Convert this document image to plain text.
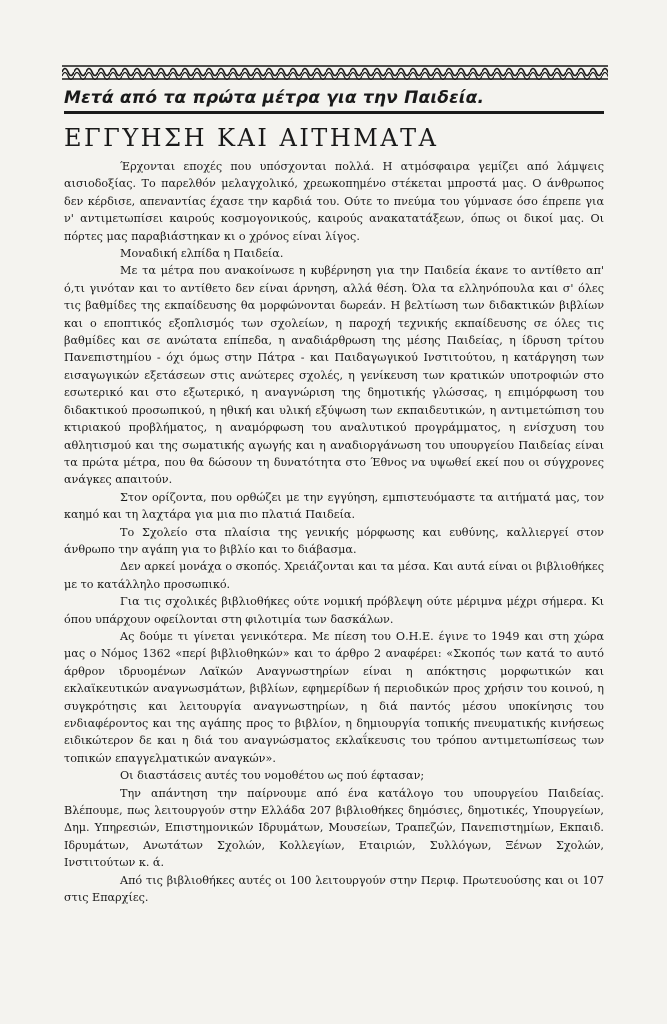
Μετά από τα πρώτα μέτρα για την Παιδεία.
ΕΓΓΥΗΣΗ ΚΑΙ ΑΙΤΗΜΑΤΑ

Έρχονται εποχές που υπόσχονται πολλά. Η ατμόσφαιρα γεμίζει από λάμψεις αισιοδοξίας. Το παρελθόν μελαγχολικό, χρεωκοπημένο στέκεται μπροστά μας. Ο άνθρωπος δεν κέρδισε, απεναντίας έχασε την καρδιά του. Ούτε το πνεύμα του γύμνασε όσο έπρεπε για ν' αντιμετωπίσει καιρούς κοσμογονικούς, καιρούς ανακατατάξεων, όπως οι δικοί μας. Οι πόρτες μας παραβιάστηκαν κι ο χρόνος είναι λίγος.

Μοναδική ελπίδα η Παιδεία.

Με τα μέτρα που ανακοίνωσε η κυβέρνηση για την Παιδεία έκανε το αντίθετο απ' ό,τι γινόταν και το αντίθετο δεν είναι άρνηση, αλλά θέση. Όλα τα ελληνόπουλα και σ' όλες τις βαθμίδες της εκπαίδευσης θα μορφώνονται δωρεάν. Η βελτίωση των διδακτικών βιβλίων και ο εποπτικός εξοπλισμός των σχολείων, η παροχή τεχνικής εκπαίδευσης σε όλες τις βαθμίδες και σε ανώτατα επίπεδα, η αναδιάρθρωση της μέσης Παιδείας, η ίδρυση τρίτου Πανεπιστημίου - όχι όμως στην Πάτρα - και Παιδαγωγικού Ινστιτούτου, η κατάργηση των εισαγωγικών εξετάσεων στις ανώτερες σχολές, η γενίκευση των κρατικών υποτροφιών στο εσωτερικό και στο εξωτερικό, η αναγνώριση της δημοτικής γλώσσας, η επιμόρφωση του διδακτικού προσωπικού, η ηθική και υλική εξύψωση των εκπαιδευτικών, η αντιμετώπιση του κτιριακού προβλήματος, η αναμόρφωση του αναλυτικού προγράμματος, η ενίσχυση του αθλητισμού και της σωματικής αγωγής και η αναδιοργάνωση του υπουργείου Παιδείας είναι τα πρώτα μέτρα, που θα δώσουν τη δυνατότητα στο Έθνος να υψωθεί εκεί που οι σύγχρονες ανάγκες απαιτούν.

Στον ορίζοντα, που ορθώζει με την εγγύηση, εμπιστευόμαστε τα αιτήματά μας, τον καημό και τη λαχτάρα για μια πιο πλατιά Παιδεία.

Το Σχολείο στα πλαίσια της γενικής μόρφωσης και ευθύνης, καλλιεργεί στον άνθρωπο την αγάπη για το βιβλίο και το διάβασμα.

Δεν αρκεί μονάχα ο σκοπός. Χρειάζονται και τα μέσα. Και αυτά είναι οι βιβλιοθήκες με το κατάλληλο προσωπικό.

Για τις σχολικές βιβλιοθήκες ούτε νομική πρόβλεψη ούτε μέριμνα μέχρι σήμερα. Κι όπου υπάρχουν οφείλονται στη φιλοτιμία των δασκάλων.

Ας δούμε τι γίνεται γενικότερα. Με πίεση του Ο.Η.Ε. έγινε το 1949 και στη χώρα μας ο Νόμος 1362 «περί βιβλιοθηκών» και το άρθρο 2 αναφέρει: «Σκοπός των κατά το αυτό άρθρον ιδρυομένων Λαϊκών Αναγνωστηρίων είναι η απόκτησις μορφωτικών και εκλαϊκευτικών αναγνωσμάτων, βιβλίων, εφημερίδων ή περιοδικών προς χρήσιν του κοινού, η συγκρότησις και λειτουργία αναγνωστηρίων, η διά παντός μέσου υποκίνησις του ενδιαφέροντος και της αγάπης προς το βιβλίον, η δημιουργία τοπικής πνευματικής κινήσεως ειδικώτερον δε και η διά του αναγνώσματος εκλαΐκευσις του τρόπου αντιμετωπίσεως των τοπικών επαγγελματικών αναγκών».

Οι διαστάσεις αυτές του νομοθέτου ως πού έφτασαν;

Την απάντηση την παίρνουμε από ένα κατάλογο του υπουργείου Παιδείας. Βλέπουμε, πως λειτουργούν στην Ελλάδα 207 βιβλιοθήκες δημόσιες, δημοτικές, Υπουργείων, Δημ. Υπηρεσιών, Επιστημονικών Ιδρυμάτων, Μουσείων, Τραπεζών, Πανεπιστημίων, Εκπαιδ. Ιδρυμάτων, Ανωτάτων Σχολών, Κολλεγίων, Εταιριών, Συλλόγων, Ξένων Σχολών, Ινστιτούτων κ. ά.

Από τις βιβλιοθήκες αυτές οι 100 λειτουργούν στην Περιφ. Πρωτευούσης και οι 107 στις Επαρχίες.
